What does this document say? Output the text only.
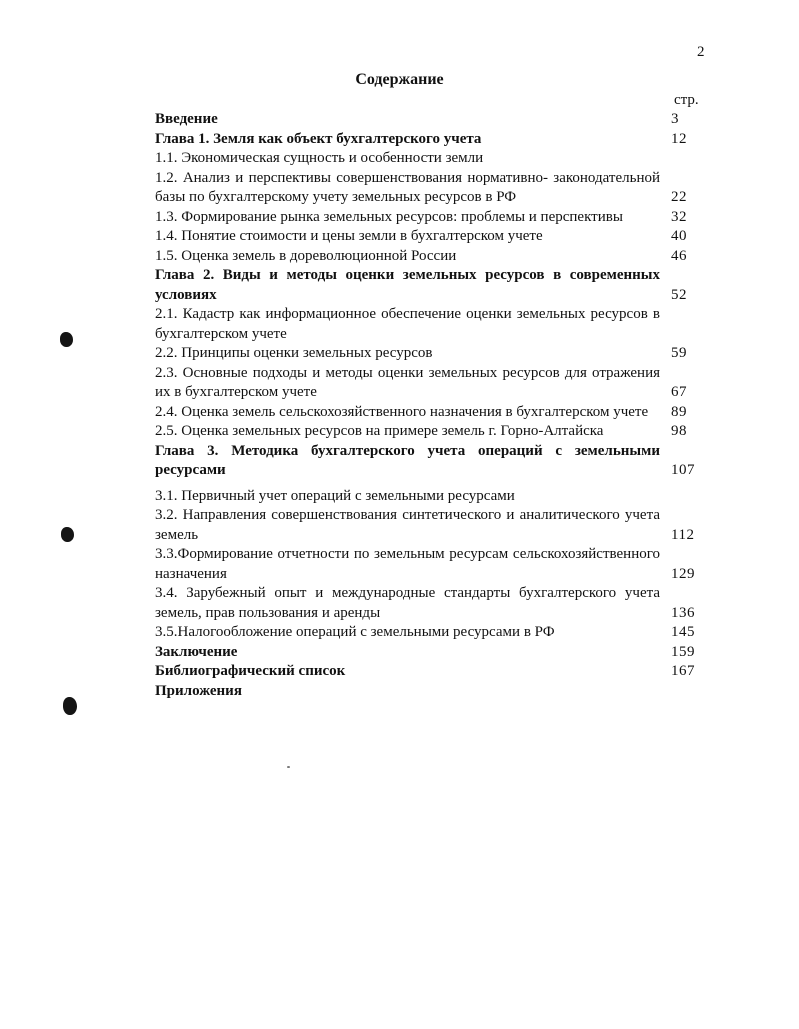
2
Содержание
стр.
Введение	3
Глава 1. Земля как объект бухгалтерского учета	12
1.1. Экономическая сущность и особенности земли
1.2. Анализ и перспективы совершенствования нормативно- законодательной базы по бухгалтерскому учету земельных ресурсов в РФ	22
1.3. Формирование рынка земельных ресурсов: проблемы и перспективы	32
1.4. Понятие стоимости и цены земли в бухгалтерском учете	40
1.5. Оценка земель в дореволюционной России	46
Глава 2. Виды и методы оценки земельных ресурсов в современных условиях	52
2.1. Кадастр как информационное обеспечение оценки земельных ресурсов в бухгалтерском учете
2.2. Принципы оценки земельных ресурсов	59
2.3. Основные подходы и методы оценки земельных ресурсов для отражения их в бухгалтерском учете	67
2.4. Оценка земель сельскохозяйственного назначения в бухгалтерском учете	89
2.5. Оценка земельных ресурсов на примере земель г. Горно-Алтайска	98
Глава 3. Методика бухгалтерского учета операций с земельными ресурсами	107
3.1. Первичный учет операций с земельными ресурсами
3.2. Направления совершенствования синтетического и аналитического учета земель	112
3.3.Формирование отчетности по земельным ресурсам сельскохозяйственного назначения	129
3.4. Зарубежный опыт и международные стандарты бухгалтерского учета земель, прав пользования и аренды	136
3.5.Налогообложение операций с земельными ресурсами в РФ	145
Заключение	159
Библиографический список	167
Приложения
